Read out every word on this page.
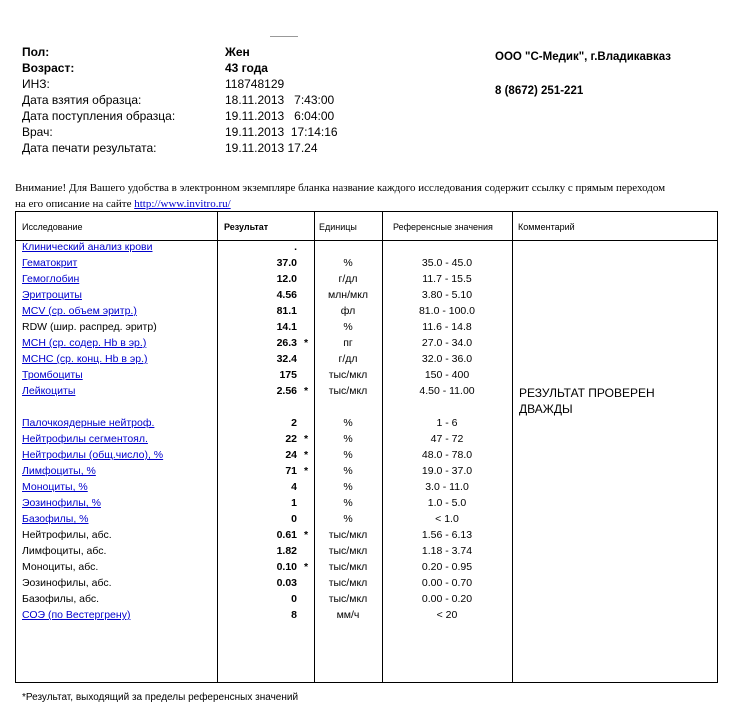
Пол:	Жен
Возраст:	43 года
ИНЗ:	118748129
Дата взятия образца:	18.11.2013   7:43:00
Дата поступления образца:	19.11.2013   6:04:00
Врач:	19.11.2013  17:14:16
Дата печати результата:	19.11.2013 17.24
ООО "С-Медик", г.Владикавказ
8 (8672) 251-221
Внимание! Для Вашего удобства в электронном экземпляре бланка название каждого исследования содержит ссылку с прямым переходом
на его описание на сайте http://www.invitro.ru/
Исследование	Результат	Единицы	Референсные значения	Комментарий
Клинический анализ крови	.
Гематокрит	37.0	%	35.0 - 45.0
Гемоглобин	12.0	г/дл	11.7 - 15.5
Эритроциты	4.56	млн/мкл	3.80 - 5.10
MCV (ср. объем эритр.)	81.1	фл	81.0 - 100.0
RDW (шир. распред. эритр)	14.1	%	11.6 - 14.8
MCH (ср. содер. Hb в эр.)	26.3 *	пг	27.0 - 34.0
MCHC (ср. конц. Hb в эр.)	32.4	г/дл	32.0 - 36.0
Тромбоциты	175	тыс/мкл	150 - 400
Лейкоциты	2.56 *	тыс/мкл	4.50 - 11.00
Палочкоядерные нейтроф.	2	%	1 - 6
Нейтрофилы сегментоял.	22 *	%	47 - 72
Нейтрофилы (общ.число), %	24 *	%	48.0 - 78.0
Лимфоциты, %	71 *	%	19.0 - 37.0
Моноциты, %	4	%	3.0 - 11.0
Эозинофилы, %	1	%	1.0 - 5.0
Базофилы, %	0	%	< 1.0
Нейтрофилы, абс.	0.61 *	тыс/мкл	1.56 - 6.13
Лимфоциты, абс.	1.82	тыс/мкл	1.18 - 3.74
Моноциты, абс.	0.10 *	тыс/мкл	0.20 - 0.95
Эозинофилы, абс.	0.03	тыс/мкл	0.00 - 0.70
Базофилы, абс.	0	тыс/мкл	0.00 - 0.20
СОЭ (по Вестергрену)	8	мм/ч	< 20
РЕЗУЛЬТАТ ПРОВЕРЕН
ДВАЖДЫ
*Результат, выходящий за пределы референсных значений
